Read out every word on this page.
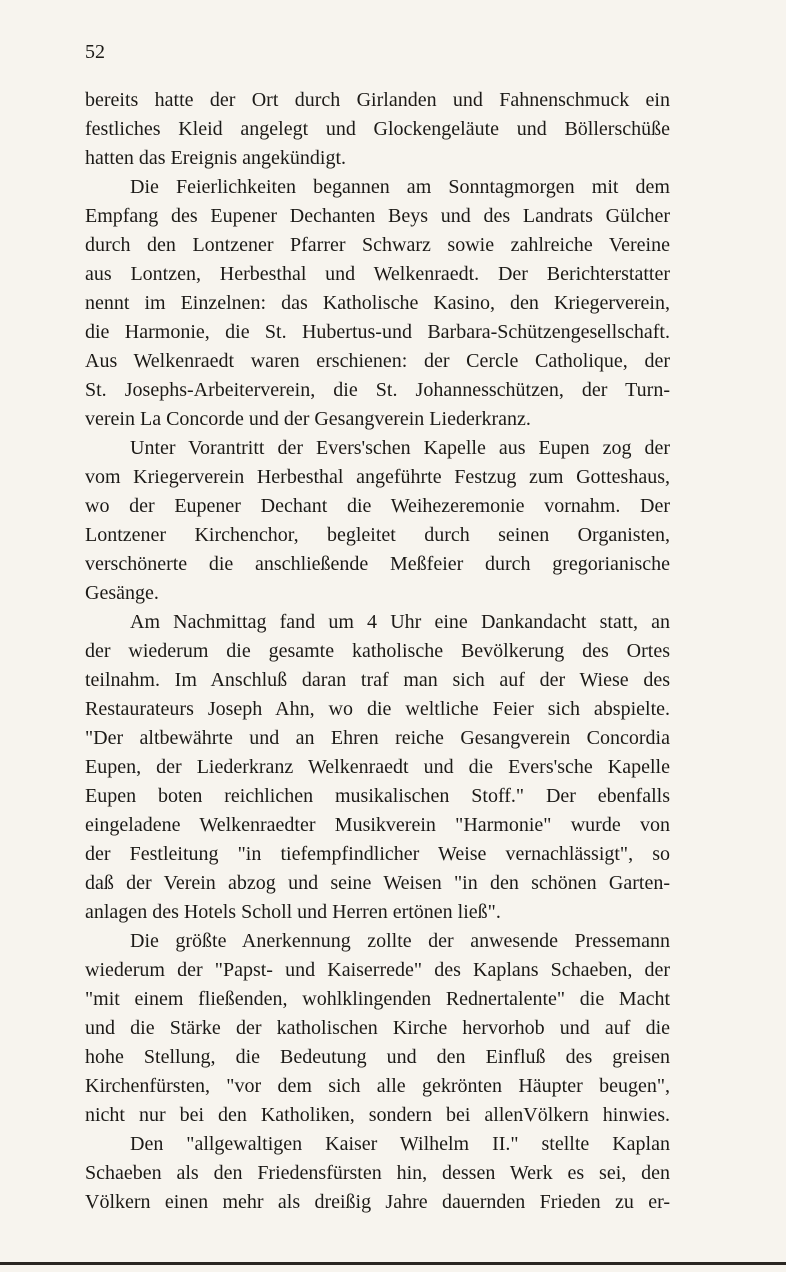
52
bereits hatte der Ort durch Girlanden und Fahnenschmuck ein
festliches Kleid angelegt und Glockengeläute und Böllerschüße
hatten das Ereignis angekündigt.
Die Feierlichkeiten begannen am Sonntagmorgen mit dem
Empfang des Eupener Dechanten Beys und des Landrats Gülcher
durch den Lontzener Pfarrer Schwarz sowie zahlreiche Vereine
aus Lontzen, Herbesthal und Welkenraedt. Der Berichterstatter
nennt im Einzelnen: das Katholische Kasino, den Kriegerverein,
die Harmonie, die St. Hubertus-und Barbara-Schützengesellschaft.
Aus Welkenraedt waren erschienen: der Cercle Catholique, der
St. Josephs-Arbeiterverein, die St. Johannesschützen, der Turn-
verein La Concorde und der Gesangverein Liederkranz.
Unter Vorantritt der Evers'schen Kapelle aus Eupen zog der
vom Kriegerverein Herbesthal angeführte Festzug zum Gotteshaus,
wo der Eupener Dechant die Weihezeremonie vornahm. Der
Lontzener Kirchenchor, begleitet durch seinen Organisten,
verschönerte die anschließende Meßfeier durch gregorianische
Gesänge.
Am Nachmittag fand um 4 Uhr eine Dankandacht statt, an
der wiederum die gesamte katholische Bevölkerung des Ortes
teilnahm. Im Anschluß daran traf man sich auf der Wiese des
Restaurateurs Joseph Ahn, wo die weltliche Feier sich abspielte.
"Der altbewährte und an Ehren reiche Gesangverein Concordia
Eupen, der Liederkranz Welkenraedt und die Evers'sche Kapelle
Eupen boten reichlichen musikalischen Stoff." Der ebenfalls
eingeladene Welkenraedter Musikverein "Harmonie" wurde von
der Festleitung "in tiefempfindlicher Weise vernachlässigt", so
daß der Verein abzog und seine Weisen "in den schönen Garten-
anlagen des Hotels Scholl und Herren ertönen ließ".
Die größte Anerkennung zollte der anwesende Pressemann
wiederum der "Papst- und Kaiserrede" des Kaplans Schaeben, der
"mit einem fließenden, wohlklingenden Rednertalente" die Macht
und die Stärke der katholischen Kirche hervorhob und auf die
hohe Stellung, die Bedeutung und den Einfluß des greisen
Kirchenfürsten, "vor dem sich alle gekrönten Häupter beugen",
nicht nur bei den Katholiken, sondern bei allenVölkern hinwies.
Den "allgewaltigen Kaiser Wilhelm II." stellte Kaplan
Schaeben als den Friedensfürsten hin, dessen Werk es sei, den
Völkern einen mehr als dreißig Jahre dauernden Frieden zu er-
